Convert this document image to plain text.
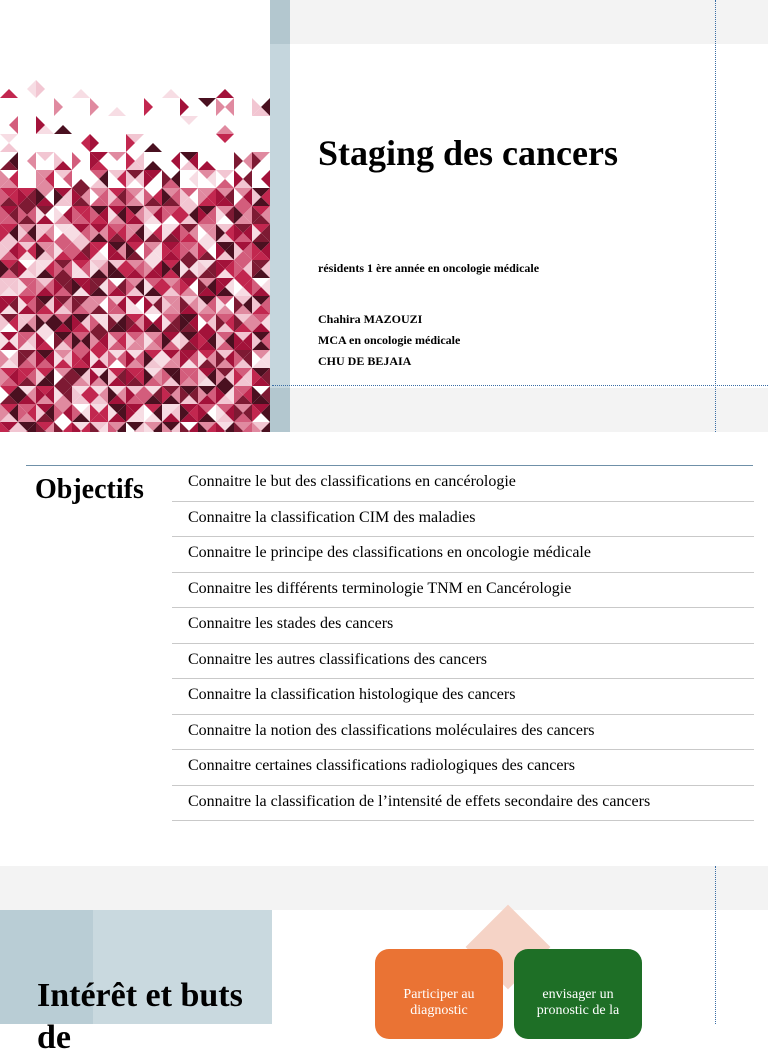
Staging des cancers
résidents 1 ère année en oncologie médicale
Chahira MAZOUZI
MCA en oncologie médicale
CHU DE BEJAIA
Objectifs	Connaitre le but des classifications en cancérologie
Connaitre la classification CIM des maladies
Connaitre le principe des classifications en oncologie médicale
Connaitre les différents terminologie TNM en Cancérologie
Connaitre les stades des cancers
Connaitre les autres classifications des cancers
Connaitre la classification histologique des cancers
Connaitre la notion des classifications moléculaires des cancers
Connaitre certaines classifications radiologiques des cancers
Connaitre la classification de l’intensité de effets secondaire des cancers
Intérêt et buts
de
Participer au diagnostic
envisager un pronostic de la
